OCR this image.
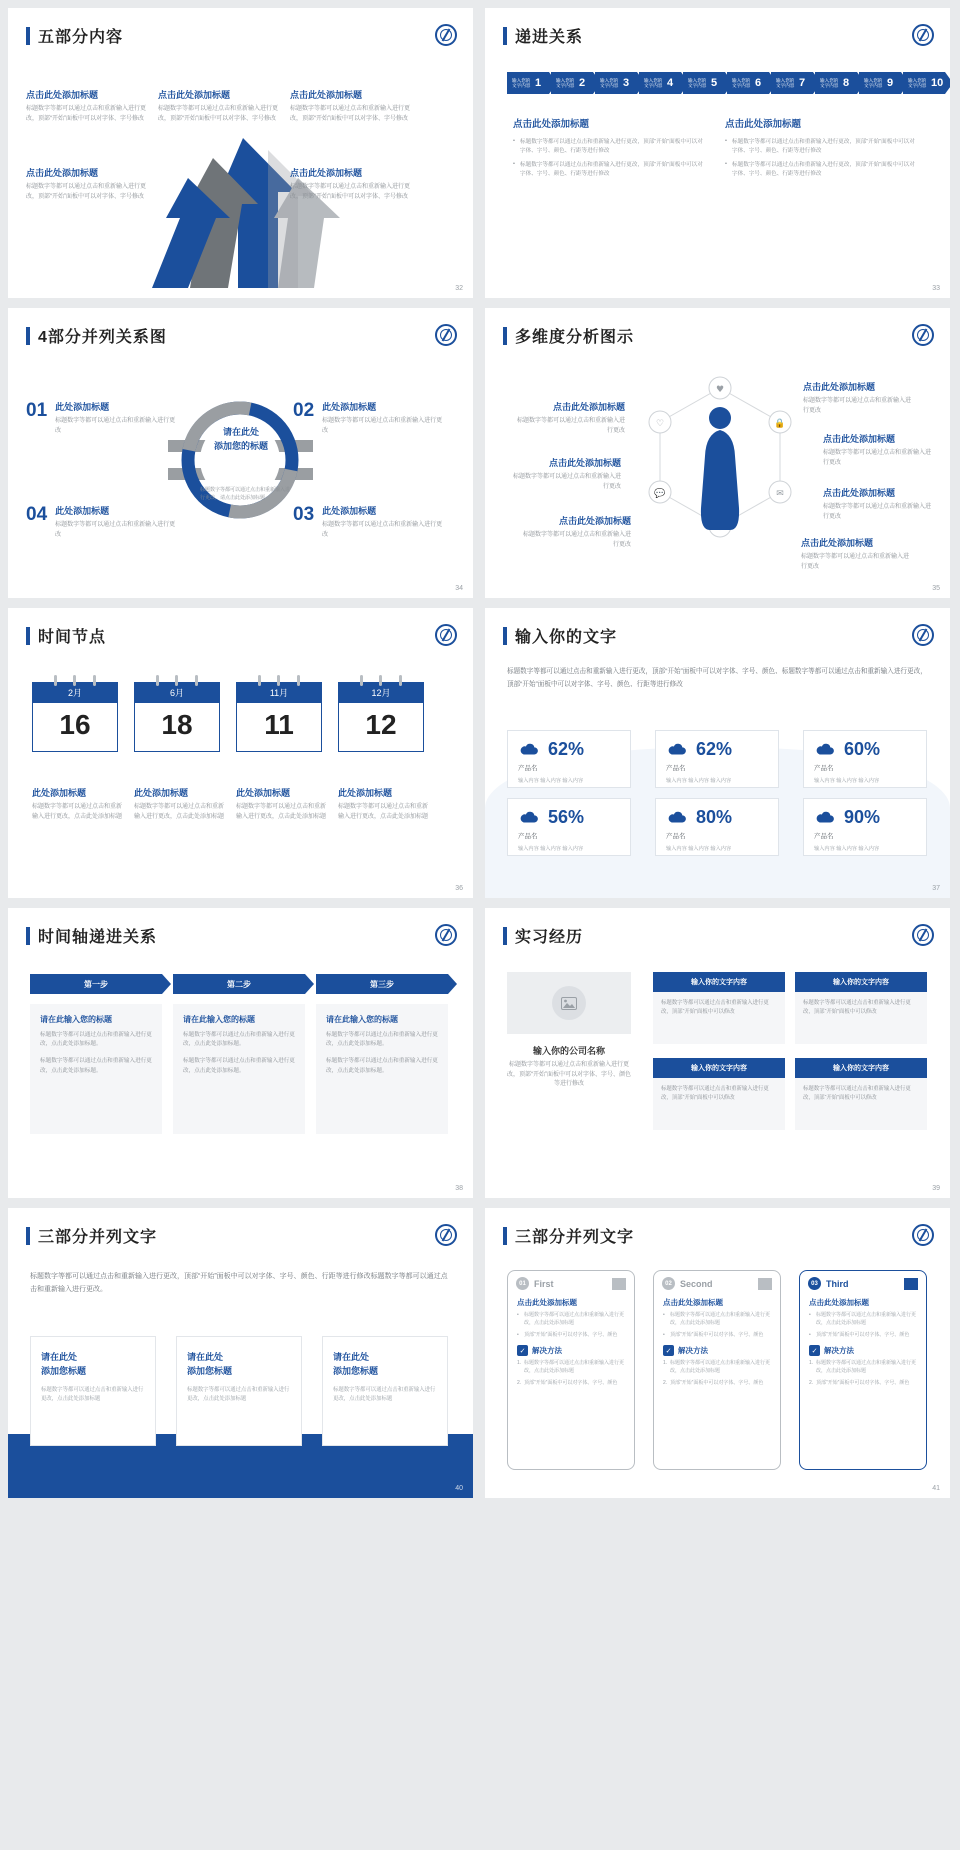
五部分内容
点击此处添加标题
标题数字等都可以通过点击和重新输入进行更改，顶部“开始”面板中可以对字体、字号修改
点击此处添加标题
标题数字等都可以通过点击和重新输入进行更改，顶部“开始”面板中可以对字体、字号修改
点击此处添加标题
标题数字等都可以通过点击和重新输入进行更改，顶部“开始”面板中可以对字体、字号修改
点击此处添加标题
标题数字等都可以通过点击和重新输入进行更改，顶部“开始”面板中可以对字体、字号修改
点击此处添加标题
标题数字等都可以通过点击和重新输入进行更改，顶部“开始”面板中可以对字体、字号修改
32
递进关系
输入您的文字内容 1	输入您的文字内容 2	输入您的文字内容 3	输入您的文字内容 4	输入您的文字内容 5	输入您的文字内容 6	输入您的文字内容 7	输入您的文字内容 8	输入您的文字内容 9	输入您的文字内容 10
点击此处添加标题
• 标题数字等都可以通过点击和重新输入进行更改，顶部“开始”面板中可以对字体、字号、颜色、行距等进行修改
• 标题数字等都可以通过点击和重新输入进行更改，顶部“开始”面板中可以对字体、字号、颜色、行距等进行修改
点击此处添加标题
• 标题数字等都可以通过点击和重新输入进行更改，顶部“开始”面板中可以对字体、字号、颜色、行距等进行修改
• 标题数字等都可以通过点击和重新输入进行更改，顶部“开始”面板中可以对字体、字号、颜色、行距等进行修改
33
4部分并列关系图
请在此处
添加您的标题
01 此处添加标题
标题数字等都可以通过点击和重新输入进行更改
02 此处添加标题
标题数字等都可以通过点击和重新输入进行更改
03 此处添加标题
标题数字等都可以通过点击和重新输入进行更改
04 此处添加标题
标题数字等都可以通过点击和重新输入进行更改
标题数字等都可以通过点击和重新输入进行更改，请点击此处添加标题
34
多维度分析图示
♥
🔒
✉
💬
♡
点击此处添加标题
标题数字等都可以通过点击和重新输入进行更改
点击此处添加标题
标题数字等都可以通过点击和重新输入进行更改
点击此处添加标题
标题数字等都可以通过点击和重新输入进行更改
点击此处添加标题
标题数字等都可以通过点击和重新输入进行更改
点击此处添加标题
标题数字等都可以通过点击和重新输入进行更改
点击此处添加标题
标题数字等都可以通过点击和重新输入进行更改
点击此处添加标题
标题数字等都可以通过点击和重新输入进行更改
35
时间节点
2月
16
6月
18
11月
11
12月
12
此处添加标题
标题数字等都可以通过点击和重新输入进行更改，点击此处添加标题
此处添加标题
标题数字等都可以通过点击和重新输入进行更改，点击此处添加标题
此处添加标题
标题数字等都可以通过点击和重新输入进行更改，点击此处添加标题
此处添加标题
标题数字等都可以通过点击和重新输入进行更改，点击此处添加标题
36
输入你的文字
标题数字等都可以通过点击和重新输入进行更改，顶部“开始”面板中可以对字体、字号、颜色、标题数字等都可以通过点击和重新输入进行更改，顶部“开始”面板中可以对字体、字号、颜色、行距等进行修改
62%
产品名
输入内容 输入内容 输入内容
62%
产品名
输入内容 输入内容 输入内容
60%
产品名
输入内容 输入内容 输入内容
56%
产品名
输入内容 输入内容 输入内容
80%
产品名
输入内容 输入内容 输入内容
90%
产品名
输入内容 输入内容 输入内容
37
时间轴递进关系
第一步	第二步	第三步
请在此输入您的标题
标题数字等都可以通过点击和重新输入进行更改，点击此处添加标题。
标题数字等都可以通过点击和重新输入进行更改，点击此处添加标题。
请在此输入您的标题
标题数字等都可以通过点击和重新输入进行更改，点击此处添加标题。
标题数字等都可以通过点击和重新输入进行更改，点击此处添加标题。
请在此输入您的标题
标题数字等都可以通过点击和重新输入进行更改，点击此处添加标题。
标题数字等都可以通过点击和重新输入进行更改，点击此处添加标题。
38
实习经历
输入你的公司名称
标题数字等都可以通过点击和重新输入进行更改，顶部“开始”面板中可以对字体、字号、颜色等进行修改
输入你的文字内容
标题数字等都可以通过点击和重新输入进行更改，顶部“开始”面板中可以修改
输入你的文字内容
标题数字等都可以通过点击和重新输入进行更改，顶部“开始”面板中可以修改
输入你的文字内容
标题数字等都可以通过点击和重新输入进行更改，顶部“开始”面板中可以修改
输入你的文字内容
标题数字等都可以通过点击和重新输入进行更改，顶部“开始”面板中可以修改
39
三部分并列文字
标题数字等都可以通过点击和重新输入进行更改，顶部“开始”面板中可以对字体、字号、颜色、行距等进行修改标题数字等都可以通过点击和重新输入进行更改。
请在此处
添加您标题
标题数字等都可以通过点击和重新输入进行更改，点击此处添加标题
请在此处
添加您标题
标题数字等都可以通过点击和重新输入进行更改，点击此处添加标题
请在此处
添加您标题
标题数字等都可以通过点击和重新输入进行更改，点击此处添加标题
40
三部分并列文字
01 First
点击此处添加标题
• 标题数字等都可以通过点击和重新输入进行更改，点击此处添加标题
• 顶部“开始”面板中可以对字体、字号、颜色
✓ 解决方法
标题数字等都可以通过点击和重新输入进行更改，点击此处添加标题
顶部“开始”面板中可以对字体、字号、颜色
02 Second
点击此处添加标题
• 标题数字等都可以通过点击和重新输入进行更改，点击此处添加标题
• 顶部“开始”面板中可以对字体、字号、颜色
✓ 解决方法
标题数字等都可以通过点击和重新输入进行更改，点击此处添加标题
顶部“开始”面板中可以对字体、字号、颜色
03 Third
点击此处添加标题
• 标题数字等都可以通过点击和重新输入进行更改，点击此处添加标题
• 顶部“开始”面板中可以对字体、字号、颜色
✓ 解决方法
标题数字等都可以通过点击和重新输入进行更改，点击此处添加标题
顶部“开始”面板中可以对字体、字号、颜色
41
